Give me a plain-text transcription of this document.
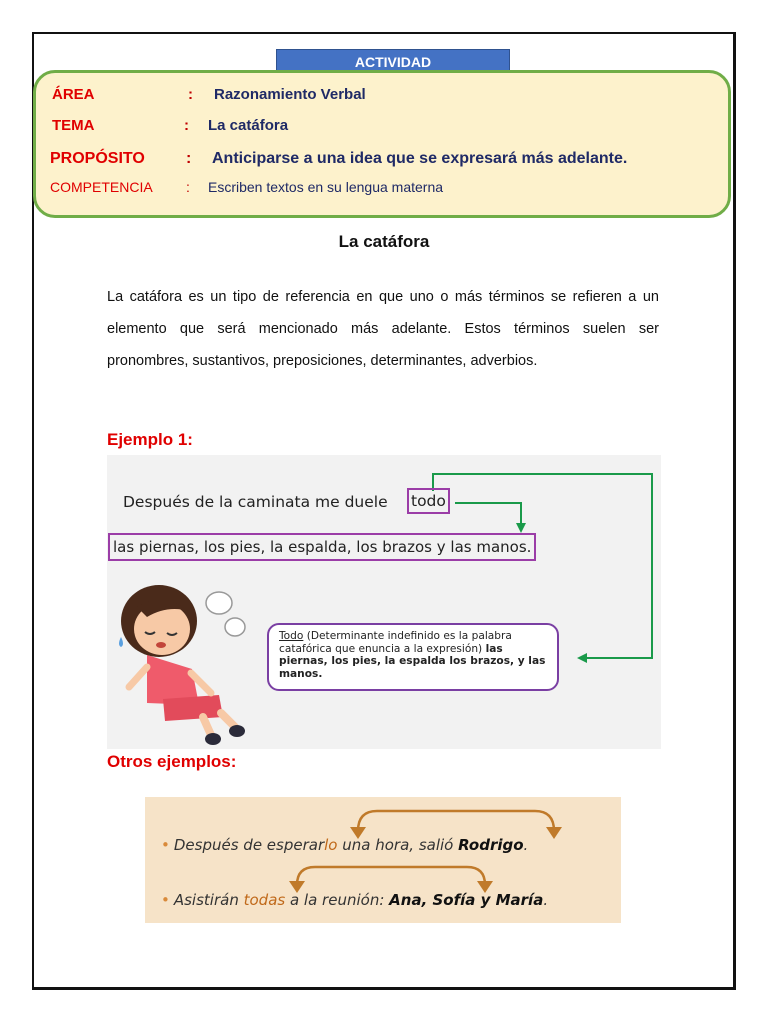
ACTIVIDAD
ÁREA	: Razonamiento Verbal
TEMA	: La catáfora
PROPÓSITO	: Anticiparse a una idea que se expresará más adelante.
COMPETENCIA : Escriben textos en su lengua materna
La catáfora
La catáfora es un tipo de referencia en que uno o más términos se refieren a un elemento que será mencionado más adelante. Estos términos suelen ser pronombres, sustantivos, preposiciones, determinantes, adverbios.
Ejemplo 1:
Después de la caminata me duele todo
las piernas, los pies, la espalda, los brazos y las manos.
Todo (Determinante indefinido es la palabra catafórica que enuncia a la expresión) las piernas, los pies, la espalda los brazos, y las manos.
Otros ejemplos:
• Después de esperarlo una hora, salió Rodrigo.
• Asistirán todas a la reunión: Ana, Sofía y María.
